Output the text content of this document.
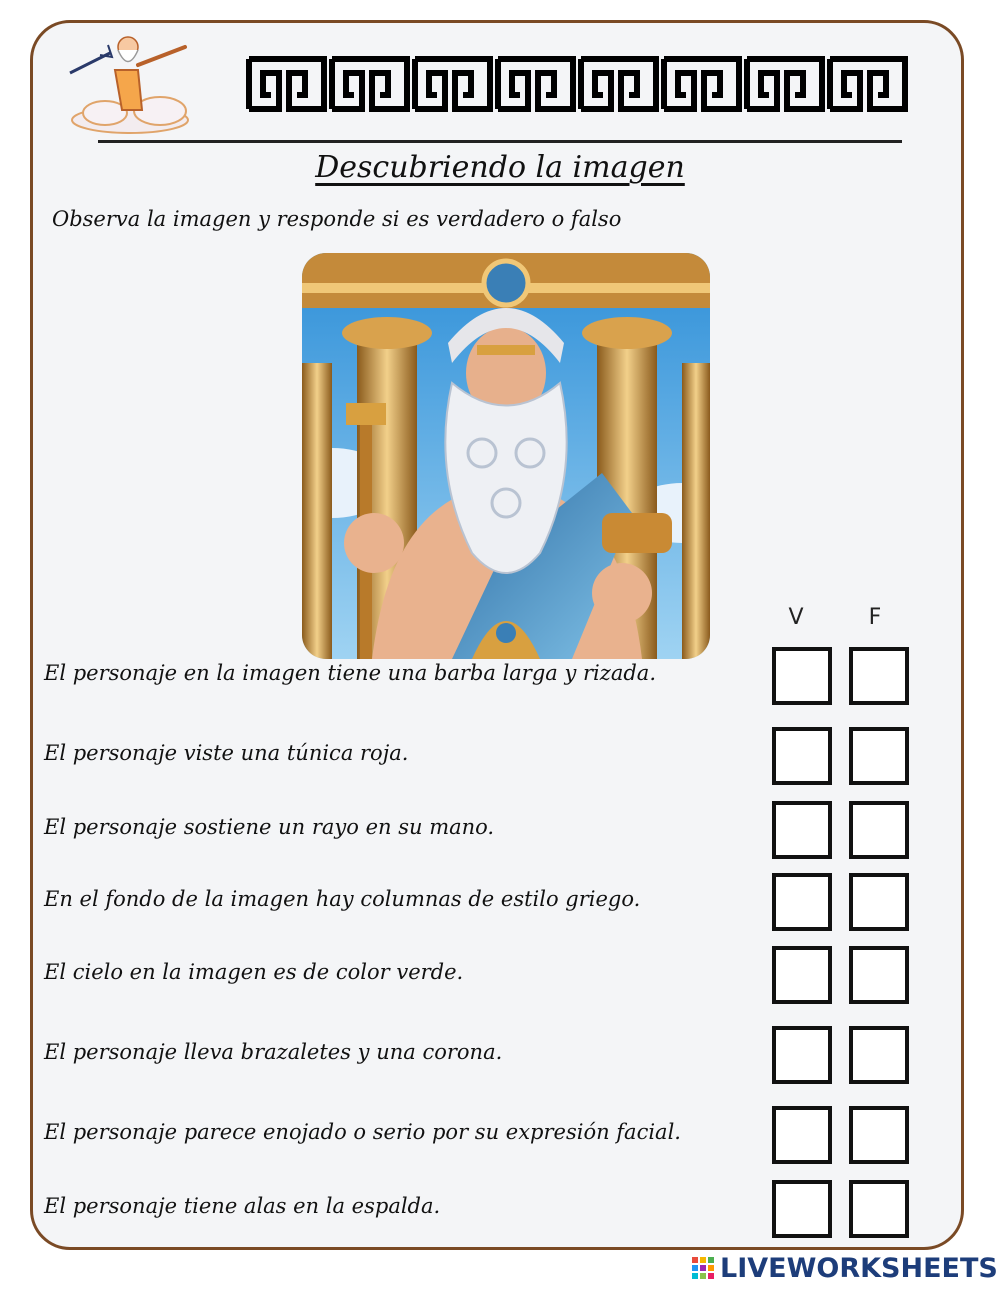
Descubriendo la imagen
Observa la imagen y responde si es verdadero o falso
V	F
El personaje en la imagen tiene una barba larga y rizada.
El personaje viste una túnica roja.
El personaje sostiene un rayo en su mano.
En el fondo de la imagen hay columnas de estilo griego.
El cielo en la imagen es de color verde.
El personaje lleva brazaletes y una corona.
El personaje parece enojado o serio por su expresión facial.
El personaje tiene alas en la espalda.
LIVEWORKSHEETS
